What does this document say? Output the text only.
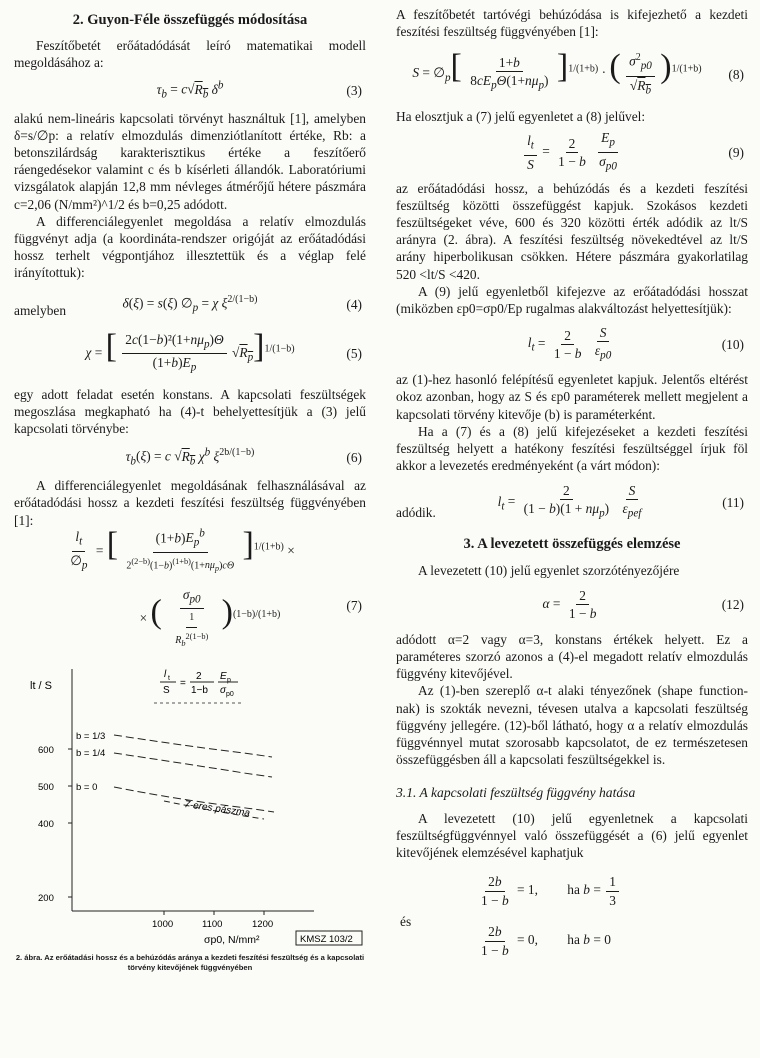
2. Guyon-Féle összefüggés módosítása

Feszítőbetét erőátadódását leíró matematikai modell megoldásához a:

$\tau_b = c√R_b$ $\delta^b$	(3)

alakú nem-lineáris kapcsolati törvényt használtuk [1], amelyben δ=s/∅p: a relatív elmozdulás dimenziótlanított értéke, Rb: a betonszilárdság karakterisztikus értéke a feszítőerő ráengedésekor valamint c és b kísérleti állandók. Laboratóriumi vizsgálatok alapján 12,8 mm névleges átmérőjű hétere pászmára c=2,06 (N/mm²)^1/2 és b=0,25 adódott.

A differenciálegyenlet megoldása a relatív elmozdulás függvényt adja (a koordináta-rendszer origóját az erőátadódási hossz terhelt végpontjához illesztettük és a véglap felé irányítottuk):

amelyben	δ(ξ) = s(ξ) $\emptyset_p = \chi$ $\xi^{2/(1-b)}$	(4)
χ = [ $\frac{2c(1-b)^2(1+n\mu_p)\Theta}{(1+b)E_p} √R_p]^{1/(1-b)}$	(5)

egy adott feladat esetén konstans. A kapcsolati feszültségek megoszlása megkapható ha (4)-t behelyettesítjük a (3) jelű kapcsolati törvénybe:

$\tau_b(\xi) = c$ $√R_b$ $\chi^b$ $\xi^{2b/(1-b)}$	(6)

A differenciálegyenlet megoldásának felhasználásával az erőátadódási hossz a kezdeti feszítési feszültség függvényében [1]:

$\frac{l_t}{\emptyset_p}$ = [ $\frac{(1+b)E_p^b}{2^{(2-b)}(1-b)^{(1+b)}(1+n\mu_p)c\Theta} ]^{1/(1+b)}$ ×
× ( $\frac{\sigma_{p0}}{\frac{1}{R_b^{2(1-b)}}} )^{(1-b)/(1+b)}$
(7)
lt / S
600
500
400
200
1000	1100	1200
σp0, N/mm²
l t
S
=
2
1−b
E p
σ p0
b = 1/3
b = 1/4
b = 0
7-eres pászma
KMSZ 103/2
2. ábra. Az erőátadási hossz és a behúzódás aránya a kezdeti feszítési feszültség és a kapcsolati törvény kitevőjének függvényében

A feszítőbetét tartóvégi behúzódása is kifejezhető a kezdeti feszítési feszültség függvényében [1]:

$S = \emptyset_p[ \frac{1+b}{8cE_p\Theta(1+n\mu_p)} ]^{1/(1+b)}$ · ( $\frac{\sigma^2_{p0}}{√R_b} )^{1/(1+b)}$ (8)

Ha elosztjuk a (7) jelű egyenletet a (8) jelűvel:

$\frac{l_t}{S} = \frac{2}{1 - b}$
$\frac{E_p}{\sigma_{p0}}$	(9)

az erőátadódási hossz, a behúzódás és a kezdeti feszítési feszültség közötti összefüggést kapjuk. Szokásos kezdeti feszültségeket véve, 600 és 320 közötti érték adódik az lt/S arányra (2. ábra). A feszítési feszültség növekedtével az lt/S arány hiperbolikusan csökken. Hétere pászmára gyakorlatilag 520 <lt/S <420.

A (9) jelű egyenletből kifejezve az erőátadódási hosszat (miközben εp0=σp0/Ep rugalmas alakváltozást helyettesítjük):

$l_t = \frac{2}{1 - b}$
$\frac{S}{\varepsilon_{p0}}$	(10)

az (1)-hez hasonló felépítésű egyenletet kapjuk. Jelentős eltérést okoz azonban, hogy az S és εp0 paraméterek mellett megjelent a kapcsolati törvény kitevője (b) is paraméterként.

Ha a (7) és a (8) jelű kifejezéseket a kezdeti feszítési feszültség helyett a hatékony feszítési feszültséggel írjuk föl akkor a levezetés eredményeként (a várt módon):

adódik.
$l_t = \frac{2}{(1 - b)(1 + n\mu_p)}$
$\frac{S}{\varepsilon_{pef}}$	(11)
3. A levezetett összefüggés elemzése

A levezetett (10) jelű egyenlet szorzótényezőjére

$\alpha = \frac{2}{1 - b}$	(12)

adódott α=2 vagy α=3, konstans értékek helyett. Ez a paraméteres szorzó azonos a (4)-el megadott relatív elmozdulás függvény kitevőjével.

Az (1)-ben szereplő α-t alaki tényezőnek (shape function-nak) is szokták nevezni, tévesen utalva a kapcsolati feszültség függvény jellegére. (12)-ből látható, hogy α a relatív elmozdulás függvénnyel mutat szorosabb kapcsolatot, de ez természetesen összefüggésben áll a kapcsolati feszültségekkel is.

3.1. A kapcsolati feszültség függvény hatása

A levezetett (10) jelű egyenletnek a kapcsolati feszültségfüggvénnyel való összefüggését a (6) jelű egyenlet kitevőjének elemzésével kaphatjuk

$\frac{2b}{1 - b} = 1$, ha $b = \frac{1}{3}$
és
$\frac{2b}{1 - b} = 0$, ha b = 0
